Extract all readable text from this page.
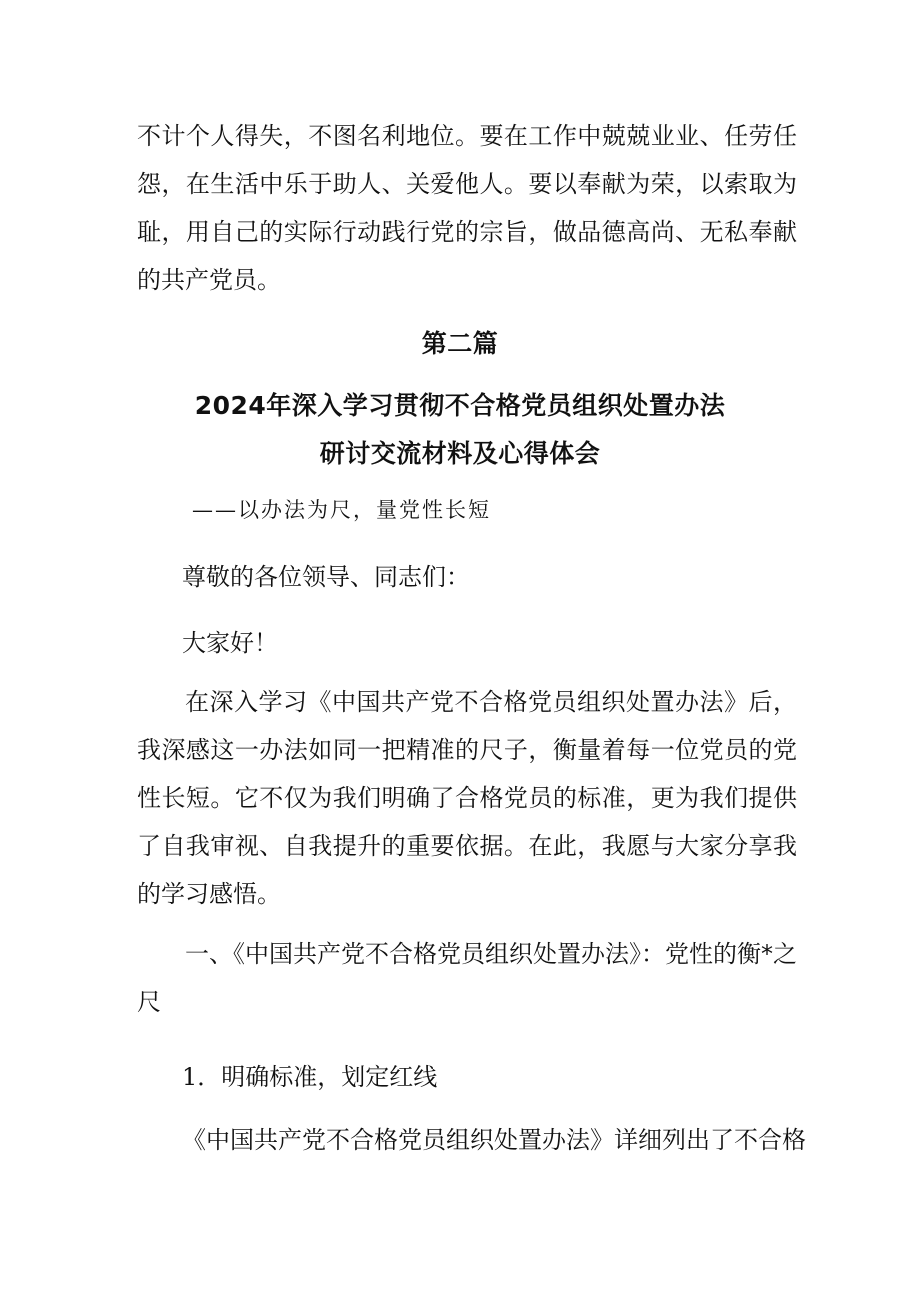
不计个人得失，不图名利地位。要在工作中兢兢业业、任劳任怨，在生活中乐于助人、关爱他人。要以奉献为荣，以索取为耻，用自己的实际行动践行党的宗旨，做品德高尚、无私奉献的共产党员。

第二篇

2024年深入学习贯彻不合格党员组织处置办法

研讨交流材料及心得体会

——以办法为尺，量党性长短

尊敬的各位领导、同志们：

大家好！

在深入学习《中国共产党不合格党员组织处置办法》后，我深感这一办法如同一把精准的尺子，衡量着每一位党员的党性长短。它不仅为我们明确了合格党员的标准，更为我们提供了自我审视、自我提升的重要依据。在此，我愿与大家分享我的学习感悟。

一、《中国共产党不合格党员组织处置办法》：党性的衡*之尺

1．明确标准，划定红线

《中国共产党不合格党员组织处置办法》详细列出了不合格
